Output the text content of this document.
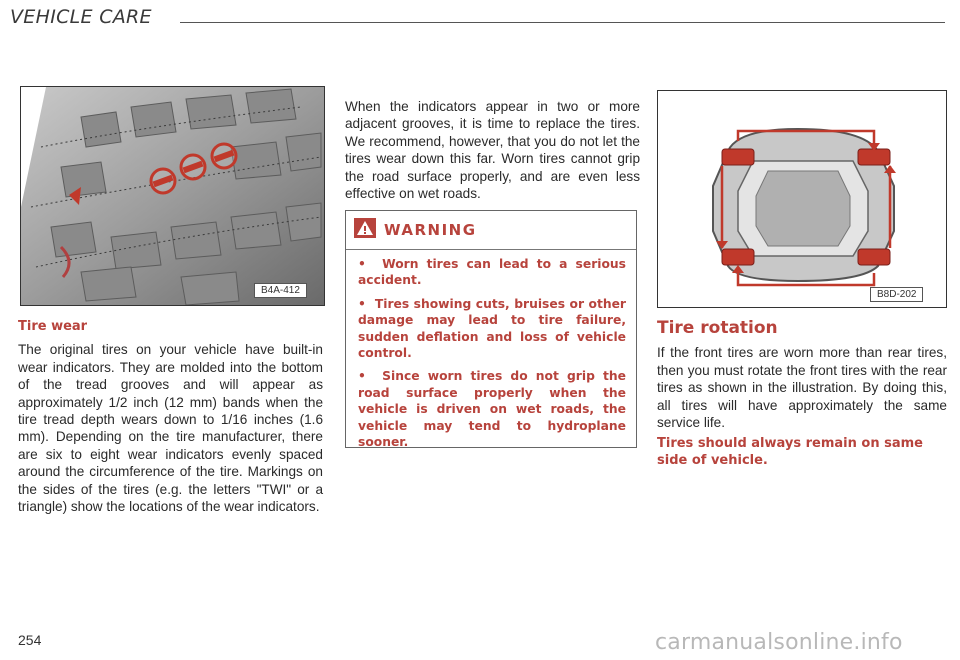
VEHICLE CARE
B4A-412

Tire wear

The original tires on your vehicle have built-in wear indicators. They are molded into the bottom of the tread grooves and will appear as approximately 1/2 inch (12 mm) bands when the tire tread depth wears down to 1/16 inches (1.6 mm). Depending on the tire manufacturer, there are six to eight wear indicators evenly spaced around the circumference of the tire. Markings on the sides of the tires (e.g. the letters "TWI" or a triangle) show the locations of the wear indicators.

When the indicators appear in two or more adjacent grooves, it is time to replace the tires. We recommend, however, that you do not let the tires wear down this far. Worn tires cannot grip the road surface properly, and are even less effective on wet roads.

WARNING

•  Worn tires can lead to a serious accident.

•  Tires showing cuts, bruises or other damage may lead to tire failure, sudden deflation and loss of vehicle control.

•  Since worn tires do not grip the road surface properly when the vehicle is driven on wet roads, the vehicle may tend to hydroplane sooner.

B8D-202

Tire rotation

If the front tires are worn more than rear tires, then you must rotate the front tires with the rear tires as shown in the illustration. By doing this, all tires will have approximately the same service life.

Tires should always remain on same side of vehicle.

254	carmanualsonline.info
